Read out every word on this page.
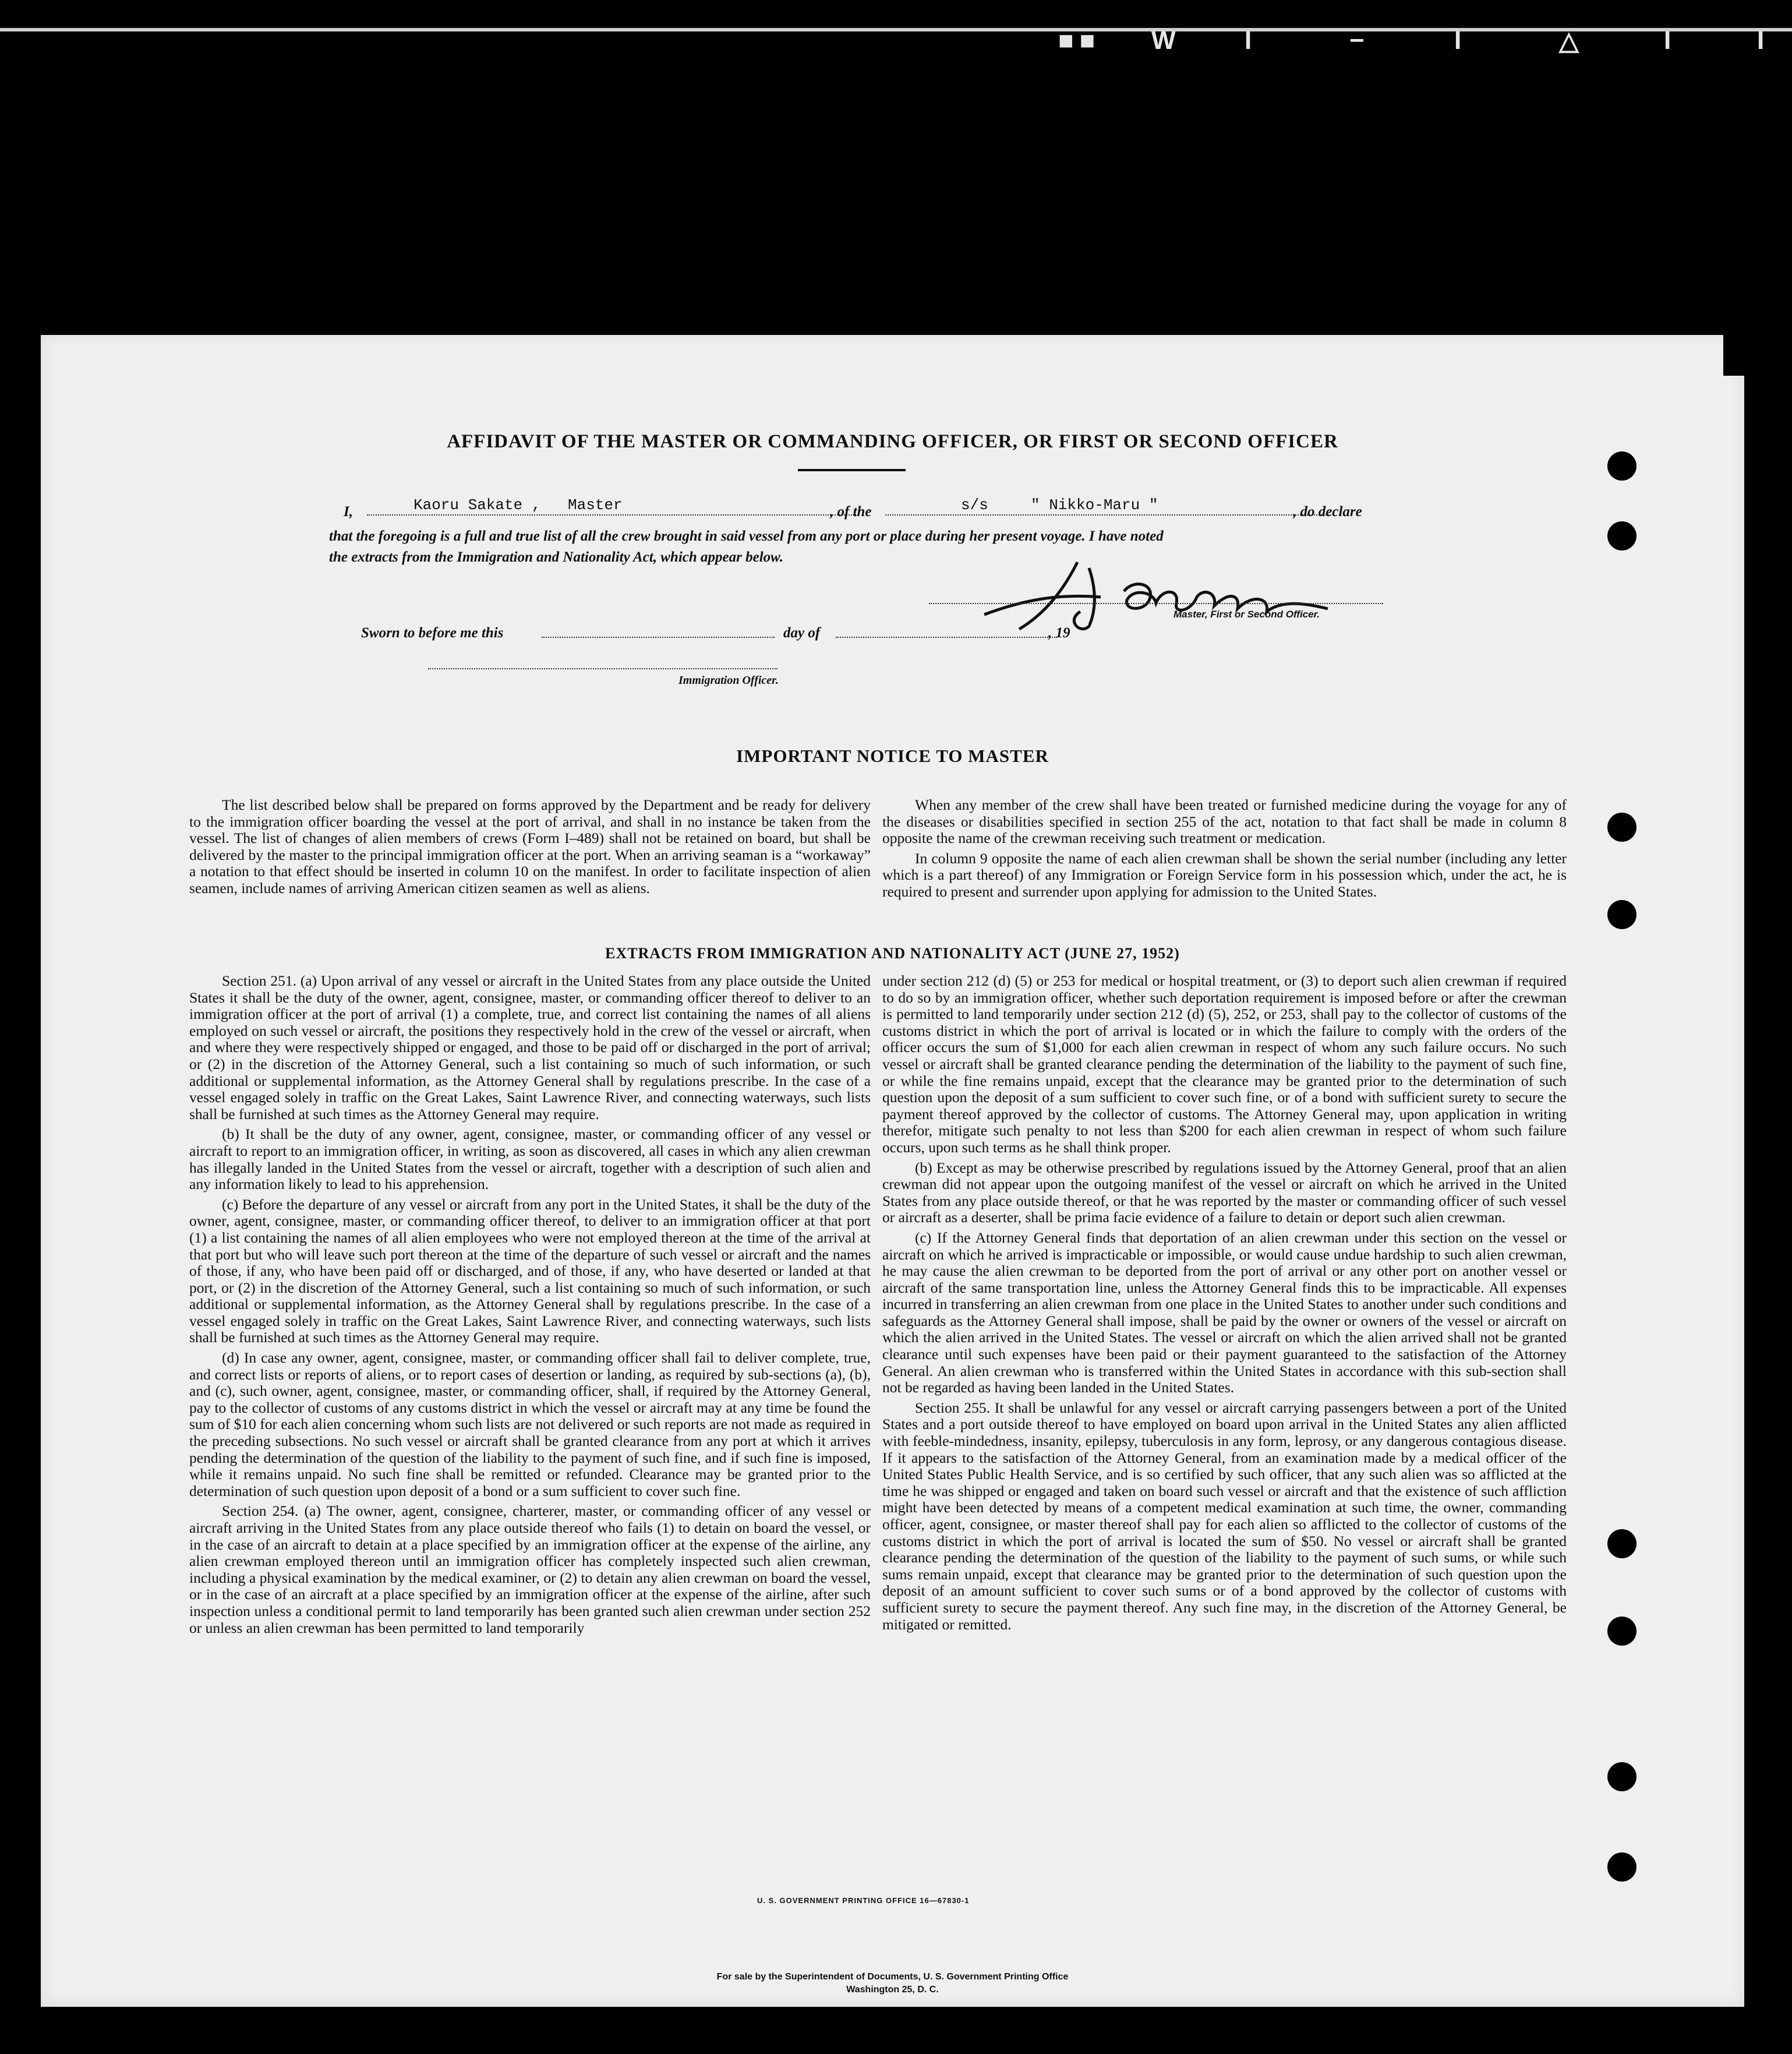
■■ W I	−	I	△	I	I
AFFIDAVIT OF THE MASTER OR COMMANDING OFFICER, OR FIRST OR SECOND OFFICER
I,	Kaoru Sakate , Master	, of the	s/s	" Nikko-Maru "	, do declare
that the foregoing is a full and true list of all the crew brought in said vessel from any port or place during her present voyage. I have noted
the extracts from the Immigration and Nationality Act, which appear below.
Master, First or Second Officer.
Sworn to before me this	day of	, 19
Immigration Officer.
IMPORTANT NOTICE TO MASTER

The list described below shall be prepared on forms approved by the Department and be ready for delivery to the immigration officer boarding the vessel at the port of arrival, and shall in no instance be taken from the vessel. The list of changes of alien members of crews (Form I–489) shall not be retained on board, but shall be delivered by the master to the principal immigration officer at the port. When an arriving seaman is a “workaway” a notation to that effect should be inserted in column 10 on the manifest. In order to facilitate inspection of alien seamen, include names of arriving American citizen seamen as well as aliens.

When any member of the crew shall have been treated or furnished medicine during the voyage for any of the diseases or disabilities specified in section 255 of the act, notation to that fact shall be made in column 8 opposite the name of the crewman receiving such treatment or medication.

In column 9 opposite the name of each alien crewman shall be shown the serial number (including any letter which is a part thereof) of any Immigration or Foreign Service form in his possession which, under the act, he is required to present and surrender upon applying for admission to the United States.

EXTRACTS FROM IMMIGRATION AND NATIONALITY ACT (JUNE 27, 1952)

Section 251. (a) Upon arrival of any vessel or aircraft in the United States from any place outside the United States it shall be the duty of the owner, agent, consignee, master, or commanding officer thereof to deliver to an immigration officer at the port of arrival (1) a complete, true, and correct list containing the names of all aliens employed on such vessel or aircraft, the positions they respectively hold in the crew of the vessel or aircraft, when and where they were respectively shipped or engaged, and those to be paid off or discharged in the port of arrival; or (2) in the discretion of the Attorney General, such a list containing so much of such information, or such additional or supplemental information, as the Attorney General shall by regulations prescribe. In the case of a vessel engaged solely in traffic on the Great Lakes, Saint Lawrence River, and connecting waterways, such lists shall be furnished at such times as the Attorney General may require.

(b) It shall be the duty of any owner, agent, consignee, master, or commanding officer of any vessel or aircraft to report to an immigration officer, in writing, as soon as discovered, all cases in which any alien crewman has illegally landed in the United States from the vessel or aircraft, together with a description of such alien and any information likely to lead to his apprehension.

(c) Before the departure of any vessel or aircraft from any port in the United States, it shall be the duty of the owner, agent, consignee, master, or commanding officer thereof, to deliver to an immigration officer at that port (1) a list containing the names of all alien employees who were not employed thereon at the time of the arrival at that port but who will leave such port thereon at the time of the departure of such vessel or aircraft and the names of those, if any, who have been paid off or discharged, and of those, if any, who have deserted or landed at that port, or (2) in the discretion of the Attorney General, such a list containing so much of such information, or such additional or supplemental information, as the Attorney General shall by regulations prescribe. In the case of a vessel engaged solely in traffic on the Great Lakes, Saint Lawrence River, and connecting waterways, such lists shall be furnished at such times as the Attorney General may require.

(d) In case any owner, agent, consignee, master, or commanding officer shall fail to deliver complete, true, and correct lists or reports of aliens, or to report cases of desertion or landing, as required by sub-sections (a), (b), and (c), such owner, agent, consignee, master, or commanding officer, shall, if required by the Attorney General, pay to the collector of customs of any customs district in which the vessel or aircraft may at any time be found the sum of $10 for each alien concerning whom such lists are not delivered or such reports are not made as required in the preceding subsections. No such vessel or aircraft shall be granted clearance from any port at which it arrives pending the determination of the question of the liability to the payment of such fine, and if such fine is imposed, while it remains unpaid. No such fine shall be remitted or refunded. Clearance may be granted prior to the determination of such question upon deposit of a bond or a sum sufficient to cover such fine.

Section 254. (a) The owner, agent, consignee, charterer, master, or commanding officer of any vessel or aircraft arriving in the United States from any place outside thereof who fails (1) to detain on board the vessel, or in the case of an aircraft to detain at a place specified by an immigration officer at the expense of the airline, any alien crewman employed thereon until an immigration officer has completely inspected such alien crewman, including a physical examination by the medical examiner, or (2) to detain any alien crewman on board the vessel, or in the case of an aircraft at a place specified by an immigration officer at the expense of the airline, after such inspection unless a conditional permit to land temporarily has been granted such alien crewman under section 252 or unless an alien crewman has been permitted to land temporarily

under section 212 (d) (5) or 253 for medical or hospital treatment, or (3) to deport such alien crewman if required to do so by an immigration officer, whether such deportation requirement is imposed before or after the crewman is permitted to land temporarily under section 212 (d) (5), 252, or 253, shall pay to the collector of customs of the customs district in which the port of arrival is located or in which the failure to comply with the orders of the officer occurs the sum of $1,000 for each alien crewman in respect of whom any such failure occurs. No such vessel or aircraft shall be granted clearance pending the determination of the liability to the payment of such fine, or while the fine remains unpaid, except that the clearance may be granted prior to the determination of such question upon the deposit of a sum sufficient to cover such fine, or of a bond with sufficient surety to secure the payment thereof approved by the collector of customs. The Attorney General may, upon application in writing therefor, mitigate such penalty to not less than $200 for each alien crewman in respect of whom such failure occurs, upon such terms as he shall think proper.

(b) Except as may be otherwise prescribed by regulations issued by the Attorney General, proof that an alien crewman did not appear upon the outgoing manifest of the vessel or aircraft on which he arrived in the United States from any place outside thereof, or that he was reported by the master or commanding officer of such vessel or aircraft as a deserter, shall be prima facie evidence of a failure to detain or deport such alien crewman.

(c) If the Attorney General finds that deportation of an alien crewman under this section on the vessel or aircraft on which he arrived is impracticable or impossible, or would cause undue hardship to such alien crewman, he may cause the alien crewman to be deported from the port of arrival or any other port on another vessel or aircraft of the same transportation line, unless the Attorney General finds this to be impracticable. All expenses incurred in transferring an alien crewman from one place in the United States to another under such conditions and safeguards as the Attorney General shall impose, shall be paid by the owner or owners of the vessel or aircraft on which the alien arrived in the United States. The vessel or aircraft on which the alien arrived shall not be granted clearance until such expenses have been paid or their payment guaranteed to the satisfaction of the Attorney General. An alien crewman who is transferred within the United States in accordance with this sub-section shall not be regarded as having been landed in the United States.

Section 255. It shall be unlawful for any vessel or aircraft carrying passengers between a port of the United States and a port outside thereof to have employed on board upon arrival in the United States any alien afflicted with feeble-mindedness, insanity, epilepsy, tuberculosis in any form, leprosy, or any dangerous contagious disease. If it appears to the satisfaction of the Attorney General, from an examination made by a medical officer of the United States Public Health Service, and is so certified by such officer, that any such alien was so afflicted at the time he was shipped or engaged and taken on board such vessel or aircraft and that the existence of such affliction might have been detected by means of a competent medical examination at such time, the owner, commanding officer, agent, consignee, or master thereof shall pay for each alien so afflicted to the collector of customs of the customs district in which the port of arrival is located the sum of $50. No vessel or aircraft shall be granted clearance pending the determination of the question of the liability to the payment of such sums, or while such sums remain unpaid, except that clearance may be granted prior to the determination of such question upon the deposit of an amount sufficient to cover such sums or of a bond approved by the collector of customs with sufficient surety to secure the payment thereof. Any such fine may, in the discretion of the Attorney General, be mitigated or remitted.

U. S. GOVERNMENT PRINTING OFFICE 16—67830-1
For sale by the Superintendent of Documents, U. S. Government Printing Office
Washington 25, D. C.
